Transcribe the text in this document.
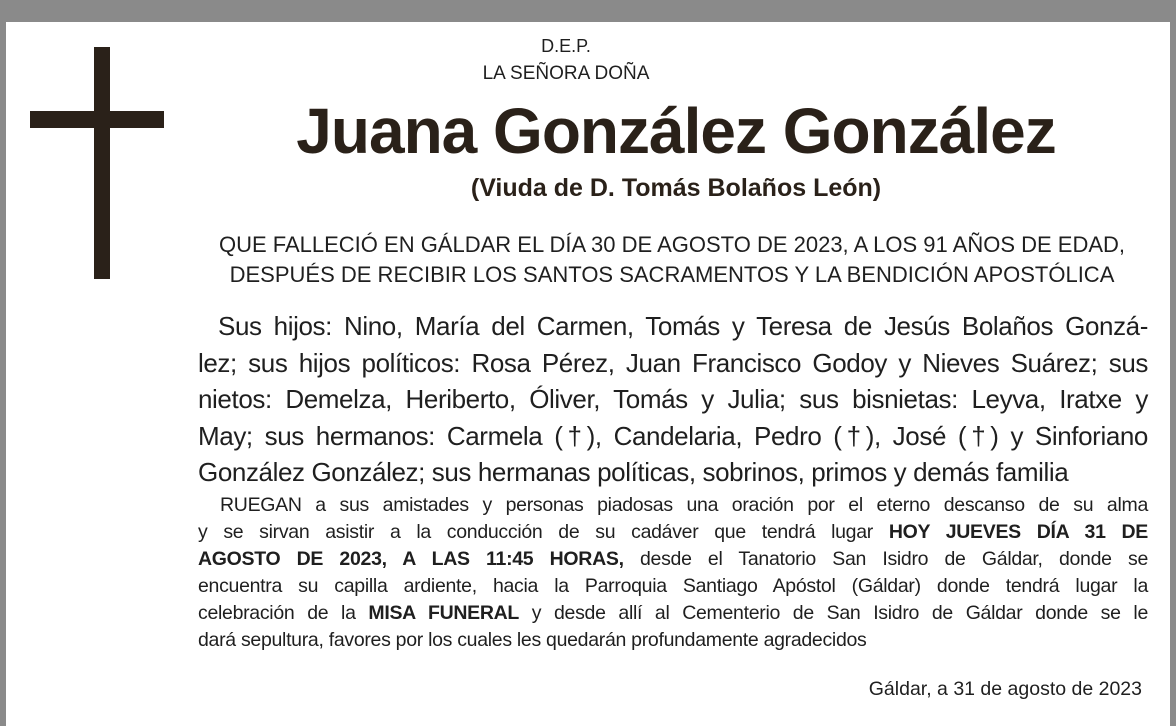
D.E.P.
LA SEÑORA DOÑA
Juana González González
(Viuda de D. Tomás Bolaños León)
QUE FALLECIÓ EN GÁLDAR EL DÍA 30 DE AGOSTO DE 2023, A LOS 91 AÑOS DE EDAD,
DESPUÉS DE RECIBIR LOS SANTOS SACRAMENTOS Y LA BENDICIÓN APOSTÓLICA
Sus hijos: Nino, María del Carmen, Tomás y Teresa de Jesús Bolaños Gonzá-
lez; sus hijos políticos: Rosa Pérez, Juan Francisco Godoy y Nieves Suárez; sus
nietos: Demelza, Heriberto, Óliver, Tomás y Julia; sus bisnietas: Leyva, Iratxe y
May; sus hermanos: Carmela (†), Candelaria, Pedro (†), José (†) y Sinforiano
González González; sus hermanas políticas, sobrinos, primos y demás familia
RUEGAN a sus amistades y personas piadosas una oración por el eterno descanso de su alma
y se sirvan asistir a la conducción de su cadáver que tendrá lugar HOY JUEVES DÍA 31 DE
AGOSTO DE 2023, A LAS 11:45 HORAS, desde el Tanatorio San Isidro de Gáldar, donde se
encuentra su capilla ardiente, hacia la Parroquia Santiago Apóstol (Gáldar) donde tendrá lugar la
celebración de la MISA FUNERAL y desde allí al Cementerio de San Isidro de Gáldar donde se le
dará sepultura, favores por los cuales les quedarán profundamente agradecidos
Gáldar, a 31 de agosto de 2023
